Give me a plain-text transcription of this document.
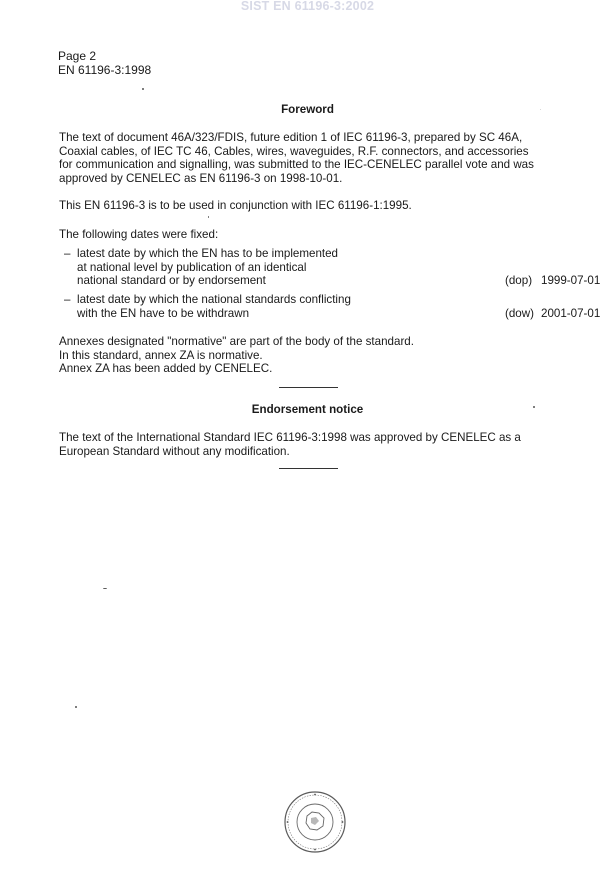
SIST EN 61196-3:2002
Page 2
EN 61196-3:1998
Foreword
The text of document 46A/323/FDIS, future edition 1 of IEC 61196-3, prepared by SC 46A,
Coaxial cables, of IEC TC 46, Cables, wires, waveguides, R.F. connectors, and accessories
for communication and signalling, was submitted to the IEC-CENELEC parallel vote and was
approved by CENELEC as EN 61196-3 on 1998-10-01.
This EN 61196-3 is to be used in conjunction with IEC 61196-1:1995.
The following dates were fixed:
– latest date by which the EN has to be implemented
at national level by publication of an identical
national standard or by endorsement	(dop) 1999-07-01
– latest date by which the national standards conflicting
with the EN have to be withdrawn	(dow) 2001-07-01
Annexes designated "normative" are part of the body of the standard.
In this standard, annex ZA is normative.
Annex ZA has been added by CENELEC.
Endorsement notice
The text of the International Standard IEC 61196-3:1998 was approved by CENELEC as a
European Standard without any modification.
